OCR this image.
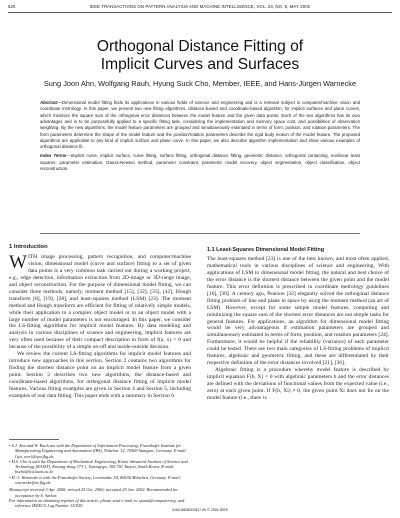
620	IEEE TRANSACTIONS ON PATTERN ANALYSIS AND MACHINE INTELLIGENCE, VOL. 24, NO. 5, MAY 2002
Orthogonal Distance Fitting of
Implicit Curves and Surfaces
Sung Joon Ahn, Wolfgang Rauh, Hyung Suck Cho, Member, IEEE, and Hans-Jürgen Warnecke
Abstract—Dimensional model fitting finds its applications in various fields of science and engineering and is a relevant subject in computer/machine vision and coordinate metrology. In this paper, we present two new fitting algorithms, distance-based and coordinate-based algorithm, for implicit surfaces and plane curves, which minimize the square sum of the orthogonal error distances between the model feature and the given data points. Each of the two algorithms has its own advantages and is to be purposefully applied to a specific fitting task, considering the implementation and memory space cost, and possibilities of observation weighting. By the new algorithms, the model feature parameters are grouped and simultaneously estimated in terms of form, position, and rotation parameters. The form parameters determine the shape of the model feature and the position/rotation parameters describe the rigid body motion of the model feature. The proposed algorithms are applicable to any kind of implicit surface and plane curve. In this paper, we also describe algorithm implementation and show various examples of orthogonal distance fit.
Index Terms—Implicit curve, implicit surface, curve fitting, surface fitting, orthogonal distance fitting, geometric distance, orthogonal contacting, nonlinear least squares, parameter estimation, Gauss-Newton method, parameter constraint, parametric model recovery, object segmentation, object classification, object reconstruction.
1 Introduction

WITH image processing, pattern recognition, and computer/machine vision, dimensional model (curve and surface) fitting to a set of given data points is a very common task carried out during a working project, e.g., edge detection, information extraction from 2D-image or 3D-range image, and object reconstruction. For the purpose of dimensional model fitting, we can consider three methods, namely, moment method [15], [32], [35], [42], Hough transform [8], [19], [28], and least-squares method (LSM) [23]. The moment method and Hough transform are efficient for fitting of relatively simple models, while their application to a complex object model or to an object model with a large number of model parameters is not encouraged. In this paper, we consider the LS-fitting algorithms for implicit model features. By data modeling and analysis in various disciplines of science and engineering, implicit features are very often used because of their compact description in form of f(a, x) = 0 and because of the possibility of a simple on-off and inside-outside decision.

We review the current LS-fitting algorithms for implicit model features and introduce new approaches in this section. Section 2 contains two algorithms for finding the shortest distance point on an implicit model feature from a given point. Section 3 describes two new algorithms, the distance-based and coordinate-based algorithms, for orthogonal distance fitting of implicit model features. Various fitting examples are given in Section 4 and Section 5, including examples of real data fitting. This paper ends with a summary in Section 6.

1.1 Least-Squares Dimensional Model Fitting

The least-squares method [23] is one of the best known, and most often applied, mathematical tools in various disciplines of science and engineering. With applications of LSM to dimensional model fitting, the natural and best choice of the error distance is the shortest distance between the given point and the model feature. This error definition is prescribed in coordinate metrology guidelines [16], [30]. A century ago, Pearson [32] elegantly solved the orthogonal distance fitting problem of line and plane in space by using the moment method (an art of LSM). However, except for some simple model features, computing and minimizing the square sum of the shortest error distances are not simple tasks for general features. For applications, an algorithm for dimensional model fitting would be very advantageous if estimation parameters are grouped and simultaneously estimated in terms of form, position, and rotation parameters [24]. Furthermore, it would be helpful if the reliability (variance) of each parameter could be tested. There are two main categories of LS-fitting problems of implicit features, algebraic and geometric fitting, and these are differentiated by their respective definition of the error distances involved [21], [36].

Algebraic fitting is a procedure whereby model feature is described by implicit equation F(b, X) = 0 with algebraic parameters b and the error distances are defined with the deviations of functional values from the expected value (i.e., zero) at each given point. If F(b, Xi) ≠ 0, the given point Xi does not lie on the model feature (i.e., there is

• S.J. Ahn and W. Rauh are with the Department of Information Processing, Fraunhofer Institute for Manufacturing Engineering and Automation (IPA), Nobelstr. 12, 70569 Stuttgart, Germany. E-mail: {sja, wor}@ipa.fhg.de.
• H.S. Cho is with the Department of Mechanical Engineering, Korea Advanced Institute of Science and Technology (KAIST), Kusong-dong 373-1, Yusong-gu, 305-701 Taejon, South Korea. E-mail: hscho@lca.kaist.ac.kr.
• H.-J. Warnecke is with the Fraunhofer Society, Leonrodstr. 54, 80636 München, Germany. E-mail: warnecke@zv.fhg.de.
Manuscript received 3 Apr. 2000; revised 25 Oct. 2000; accepted 29 Jan. 2002. Recommended for acceptance by S. Sarkar.
For information on obtaining reprints of this article, please send e-mail to: tpami@computer.org, and reference IEEECS Log Number 111929.
0162-8828/02/$17.00 © 2002 IEEE
